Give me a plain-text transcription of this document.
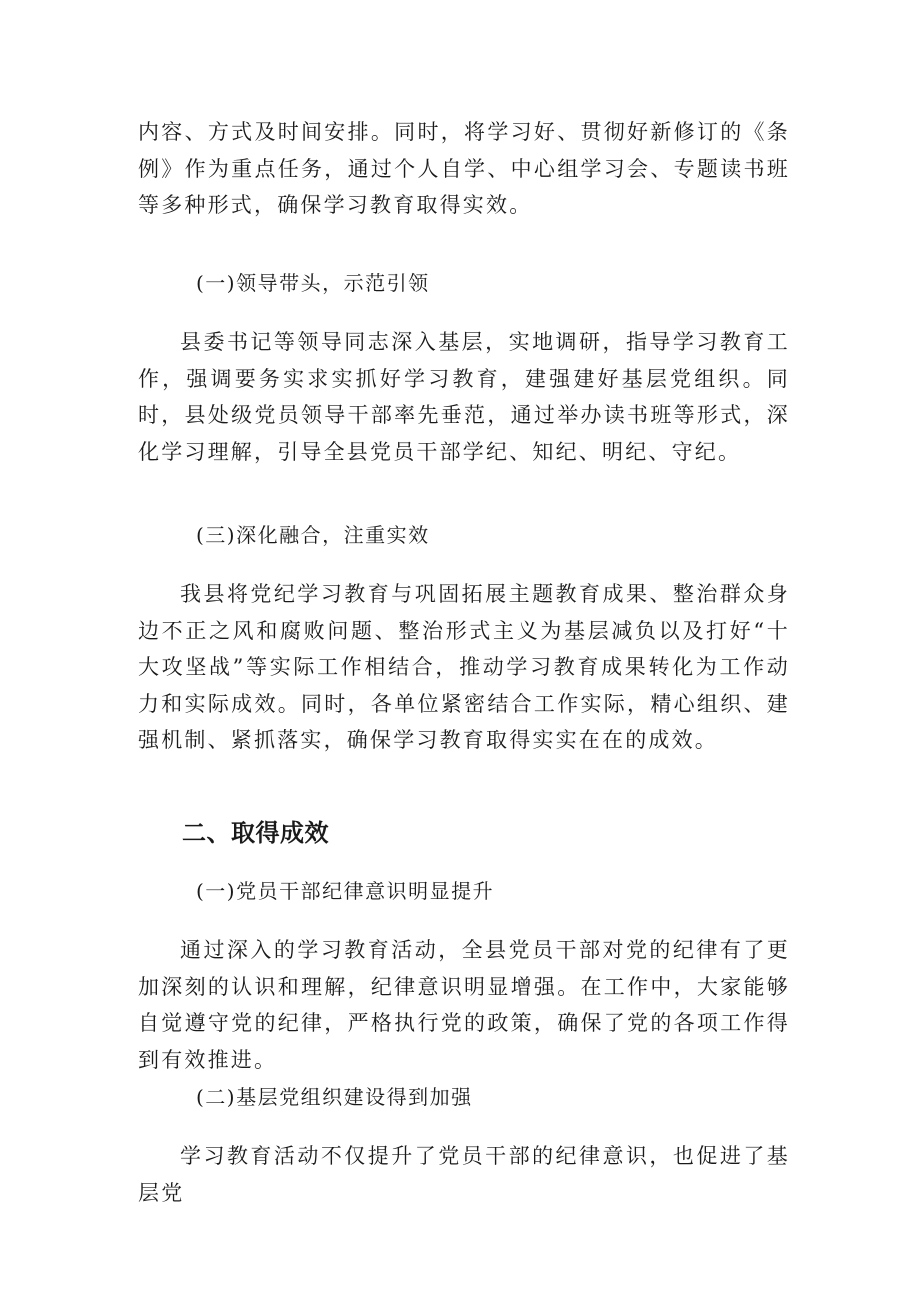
内容、方式及时间安排。同时，将学习好、贯彻好新修订的《条例》作为重点任务，通过个人自学、中心组学习会、专题读书班等多种形式，确保学习教育取得实效。

(一)领导带头，示范引领

县委书记等领导同志深入基层，实地调研，指导学习教育工作，强调要务实求实抓好学习教育，建强建好基层党组织。同时，县处级党员领导干部率先垂范，通过举办读书班等形式，深化学习理解，引导全县党员干部学纪、知纪、明纪、守纪。

(三)深化融合，注重实效

我县将党纪学习教育与巩固拓展主题教育成果、整治群众身边不正之风和腐败问题、整治形式主义为基层减负以及打好“十大攻坚战”等实际工作相结合，推动学习教育成果转化为工作动力和实际成效。同时，各单位紧密结合工作实际，精心组织、建强机制、紧抓落实，确保学习教育取得实实在在的成效。

二、取得成效

(一)党员干部纪律意识明显提升

通过深入的学习教育活动，全县党员干部对党的纪律有了更加深刻的认识和理解，纪律意识明显增强。在工作中，大家能够自觉遵守党的纪律，严格执行党的政策，确保了党的各项工作得到有效推进。

(二)基层党组织建设得到加强

学习教育活动不仅提升了党员干部的纪律意识，也促进了基层党
